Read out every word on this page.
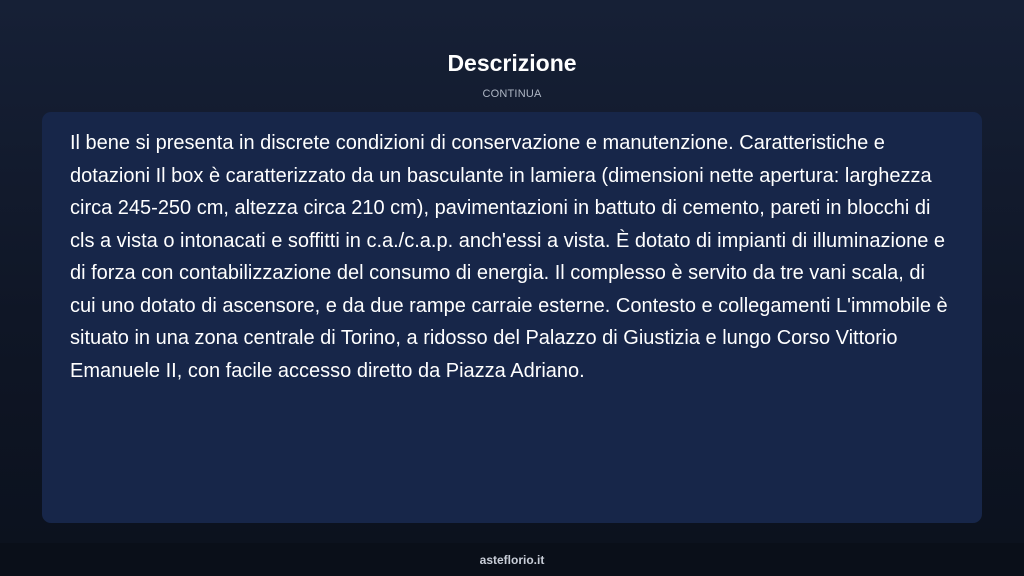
Descrizione
CONTINUA

Il bene si presenta in discrete condizioni di conservazione e manutenzione. Caratteristiche e dotazioni Il box è caratterizzato da un basculante in lamiera (dimensioni nette apertura: larghezza circa 245-250 cm, altezza circa 210 cm), pavimentazioni in battuto di cemento, pareti in blocchi di cls a vista o intonacati e soffitti in c.a./c.a.p. anch'essi a vista. È dotato di impianti di illuminazione e di forza con contabilizzazione del consumo di energia. Il complesso è servito da tre vani scala, di cui uno dotato di ascensore, e da due rampe carraie esterne. Contesto e collegamenti L'immobile è situato in una zona centrale di Torino, a ridosso del Palazzo di Giustizia e lungo Corso Vittorio Emanuele II, con facile accesso diretto da Piazza Adriano.

asteflorio.it
